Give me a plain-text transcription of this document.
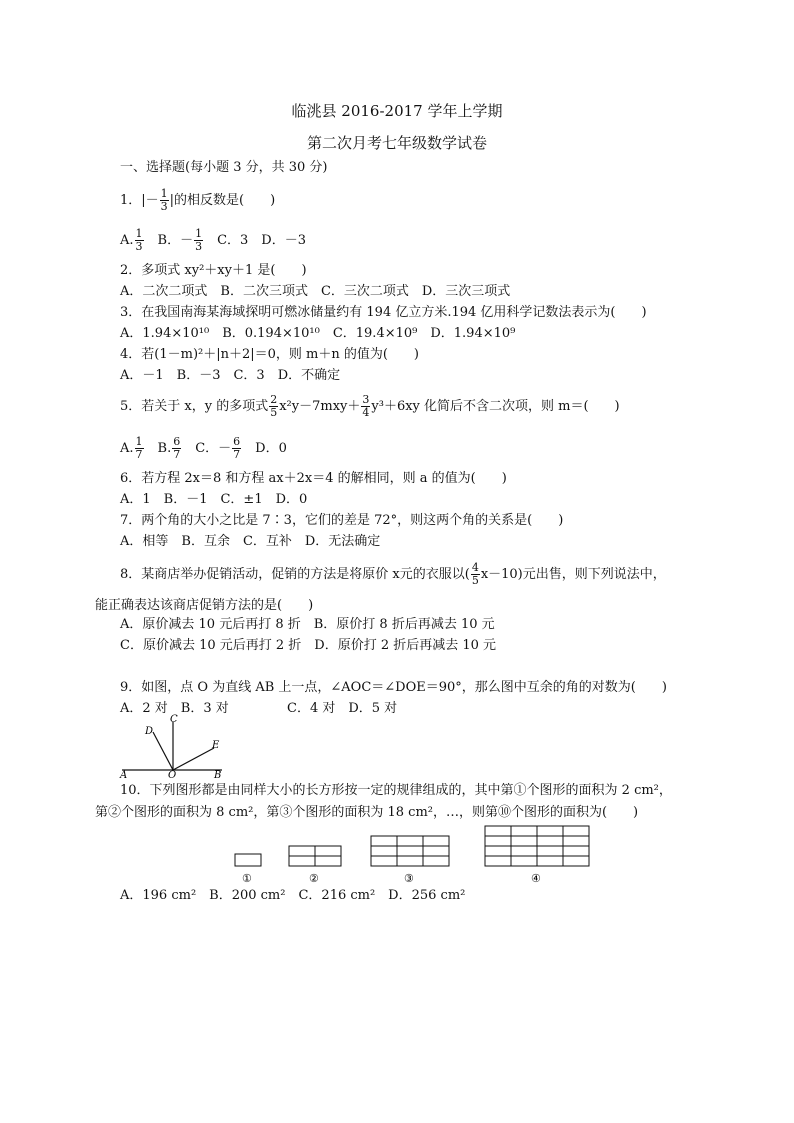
临洮县 2016-2017 学年上学期
第二次月考七年级数学试卷
一、选择题(每小题 3 分，共 30 分)
1．|－ $\frac{1}{3}$ |的相反数是(　　)
A. $\frac{1}{3}$ 　B．－ $\frac{1}{3}$ 　C．3　D．－3
2．多项式 xy²＋xy＋1 是(　　)
A．二次二项式　B．二次三项式　C．三次二项式　D．三次三项式
3．在我国南海某海域探明可燃冰储量约有 194 亿立方米.194 亿用科学记数法表示为(　　)
A．1.94×10¹⁰　B．0.194×10¹⁰　C．19.4×10⁹　D．1.94×10⁹
4．若(1－m)²＋|n＋2|＝0，则 m＋n 的值为(　　)
A．－1　B．－3　C．3　D．不确定
5．若关于 x，y 的多项式 $\frac{2}{5} x^2y-7mxy+ \frac{3}{4} y^3+6xy$ 化简后不含二次项，则 m＝(　　)
A. $\frac{1}{7}$ 　B. $\frac{6}{7}$ 　C．－ $\frac{6}{7}$ 　D．0
6．若方程 2x＝8 和方程 ax＋2x＝4 的解相同，则 a 的值为(　　)
A．1　B．－1　C．±1　D．0
7．两个角的大小之比是 7∶3，它们的差是 72°，则这两个角的关系是(　　)
A．相等　B．互余　C．互补　D．无法确定
8．某商店举办促销活动，促销的方法是将原价 x元的衣服以( $\frac{4}{5} x-10$)元出售，则下列说法中，
能正确表达该商店促销方法的是(　　)
A．原价减去 10 元后再打 8 折　B．原价打 8 折后再减去 10 元
C．原价减去 10 元后再打 2 折　D．原价打 2 折后再减去 10 元
9．如图，点 O 为直线 AB 上一点，∠AOC＝∠DOE＝90°，那么图中互余的角的对数为(　　)
A．2 对　B．3 对	C．4 对　D．5 对
A	B
O
C
D
E
10．下列图形都是由同样大小的长方形按一定的规律组成的，其中第①个图形的面积为 2 cm²，
第②个图形的面积为 8 cm²，第③个图形的面积为 18 cm²，…，则第⑩个图形的面积为(　　)
①	②	③	④
A．196 cm²　B．200 cm²　C．216 cm²　D．256 cm²
